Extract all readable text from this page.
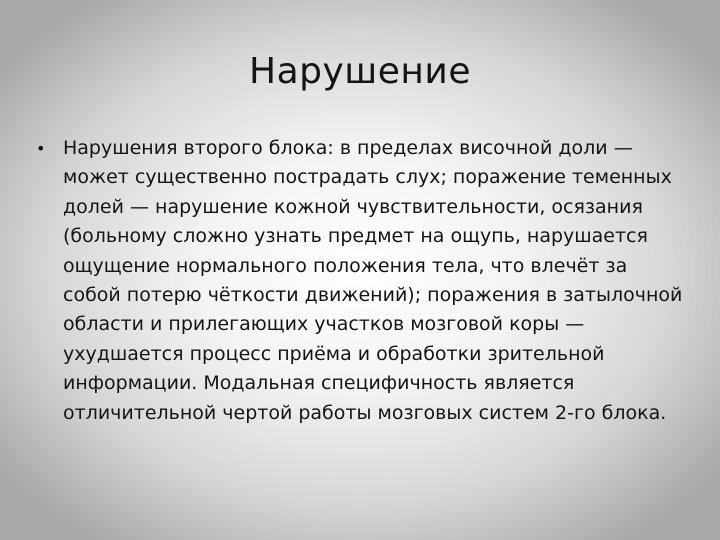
Нарушение
• Нарушения второго блока: в пределах височной доли — может существенно пострадать слух; поражение теменных долей — нарушение кожной чувствительности, осязания (больному сложно узнать предмет на ощупь, нарушается ощущение нормального положения тела, что влечёт за собой потерю чёткости движений); поражения в затылочной области и прилегающих участков мозговой коры — ухудшается процесс приёма и обработки зрительной информации. Модальная специфичность является отличительной чертой работы мозговых систем 2-го блока.
